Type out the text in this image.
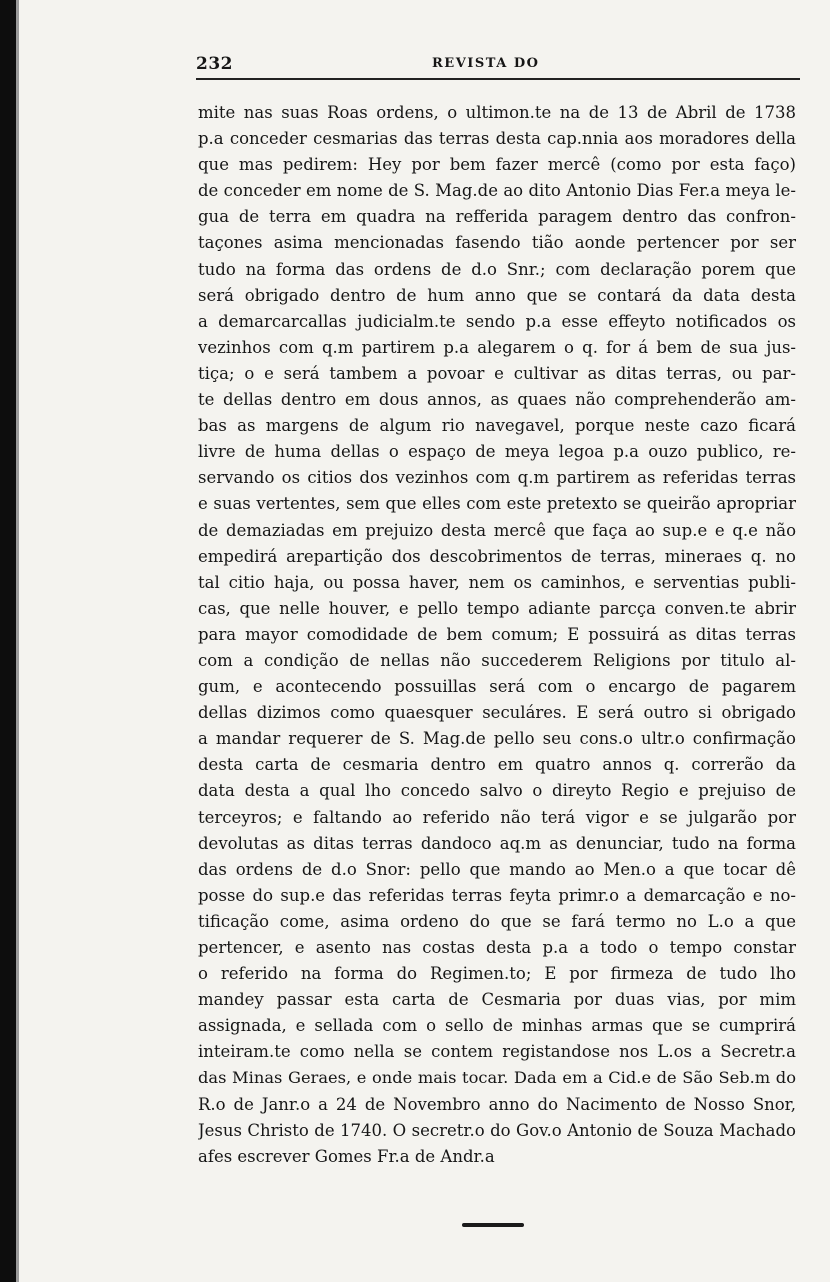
232	REVISTA DO
mite nas suas Roas ordens, o ultimon.te na de 13 de Abril de 1738
p.a conceder cesmarias das terras desta cap.nnia aos moradores della
que mas pedirem: Hey por bem fazer mercê (como por esta faço)
de conceder em nome de S. Mag.de ao dito Antonio Dias Fer.a meya le-
gua de terra em quadra na refferida paragem dentro das confron-
taçones asima mencionadas fasendo tião aonde pertencer por ser
tudo na forma das ordens de d.o Snr.; com declaração porem que
será obrigado dentro de hum anno que se contará da data desta
a demarcarcallas judicialm.te sendo p.a esse effeyto notificados os
vezinhos com q.m partirem p.a alegarem o q. for á bem de sua jus-
tiça; o e será tambem a povoar e cultivar as ditas terras, ou par-
te dellas dentro em dous annos, as quaes não comprehenderão am-
bas as margens de algum rio navegavel, porque neste cazo ficará
livre de huma dellas o espaço de meya legoa p.a ouzo publico, re-
servando os citios dos vezinhos com q.m partirem as referidas terras
e suas vertentes, sem que elles com este pretexto se queirão apropriar
de demaziadas em prejuizo desta mercê que faça ao sup.e e q.e não
empedirá arepartição dos descobrimentos de terras, mineraes q. no
tal citio haja, ou possa haver, nem os caminhos, e serventias publi-
cas, que nelle houver, e pello tempo adiante parcça conven.te abrir
para mayor comodidade de bem comum; E possuirá as ditas terras
com a condição de nellas não succederem Religions por titulo al-
gum, e acontecendo possuillas será com o encargo de pagarem
dellas dizimos como quaesquer seculáres. E será outro si obrigado
a mandar requerer de S. Mag.de pello seu cons.o ultr.o confirmação
desta carta de cesmaria dentro em quatro annos q. correrão da
data desta a qual lho concedo salvo o direyto Regio e prejuiso de
terceyros; e faltando ao referido não terá vigor e se julgarão por
devolutas as ditas terras dandoco aq.m as denunciar, tudo na forma
das ordens de d.o Snor: pello que mando ao Men.o a que tocar dê
posse do sup.e das referidas terras feyta primr.o a demarcação e no-
tificação come, asima ordeno do que se fará termo no L.o a que
pertencer, e asento nas costas desta p.a a todo o tempo constar
o referido na forma do Regimen.to; E por firmeza de tudo lho
mandey passar esta carta de Cesmaria por duas vias, por mim
assignada, e sellada com o sello de minhas armas que se cumprirá
inteiram.te como nella se contem registandose nos L.os a Secretr.a
das Minas Geraes, e onde mais tocar. Dada em a Cid.e de São Seb.m do
R.o de Janr.o a 24 de Novembro anno do Nacimento de Nosso Snor,
Jesus Christo de 1740. O secretr.o do Gov.o Antonio de Souza Machado
afes escrever Gomes Fr.a de Andr.a
